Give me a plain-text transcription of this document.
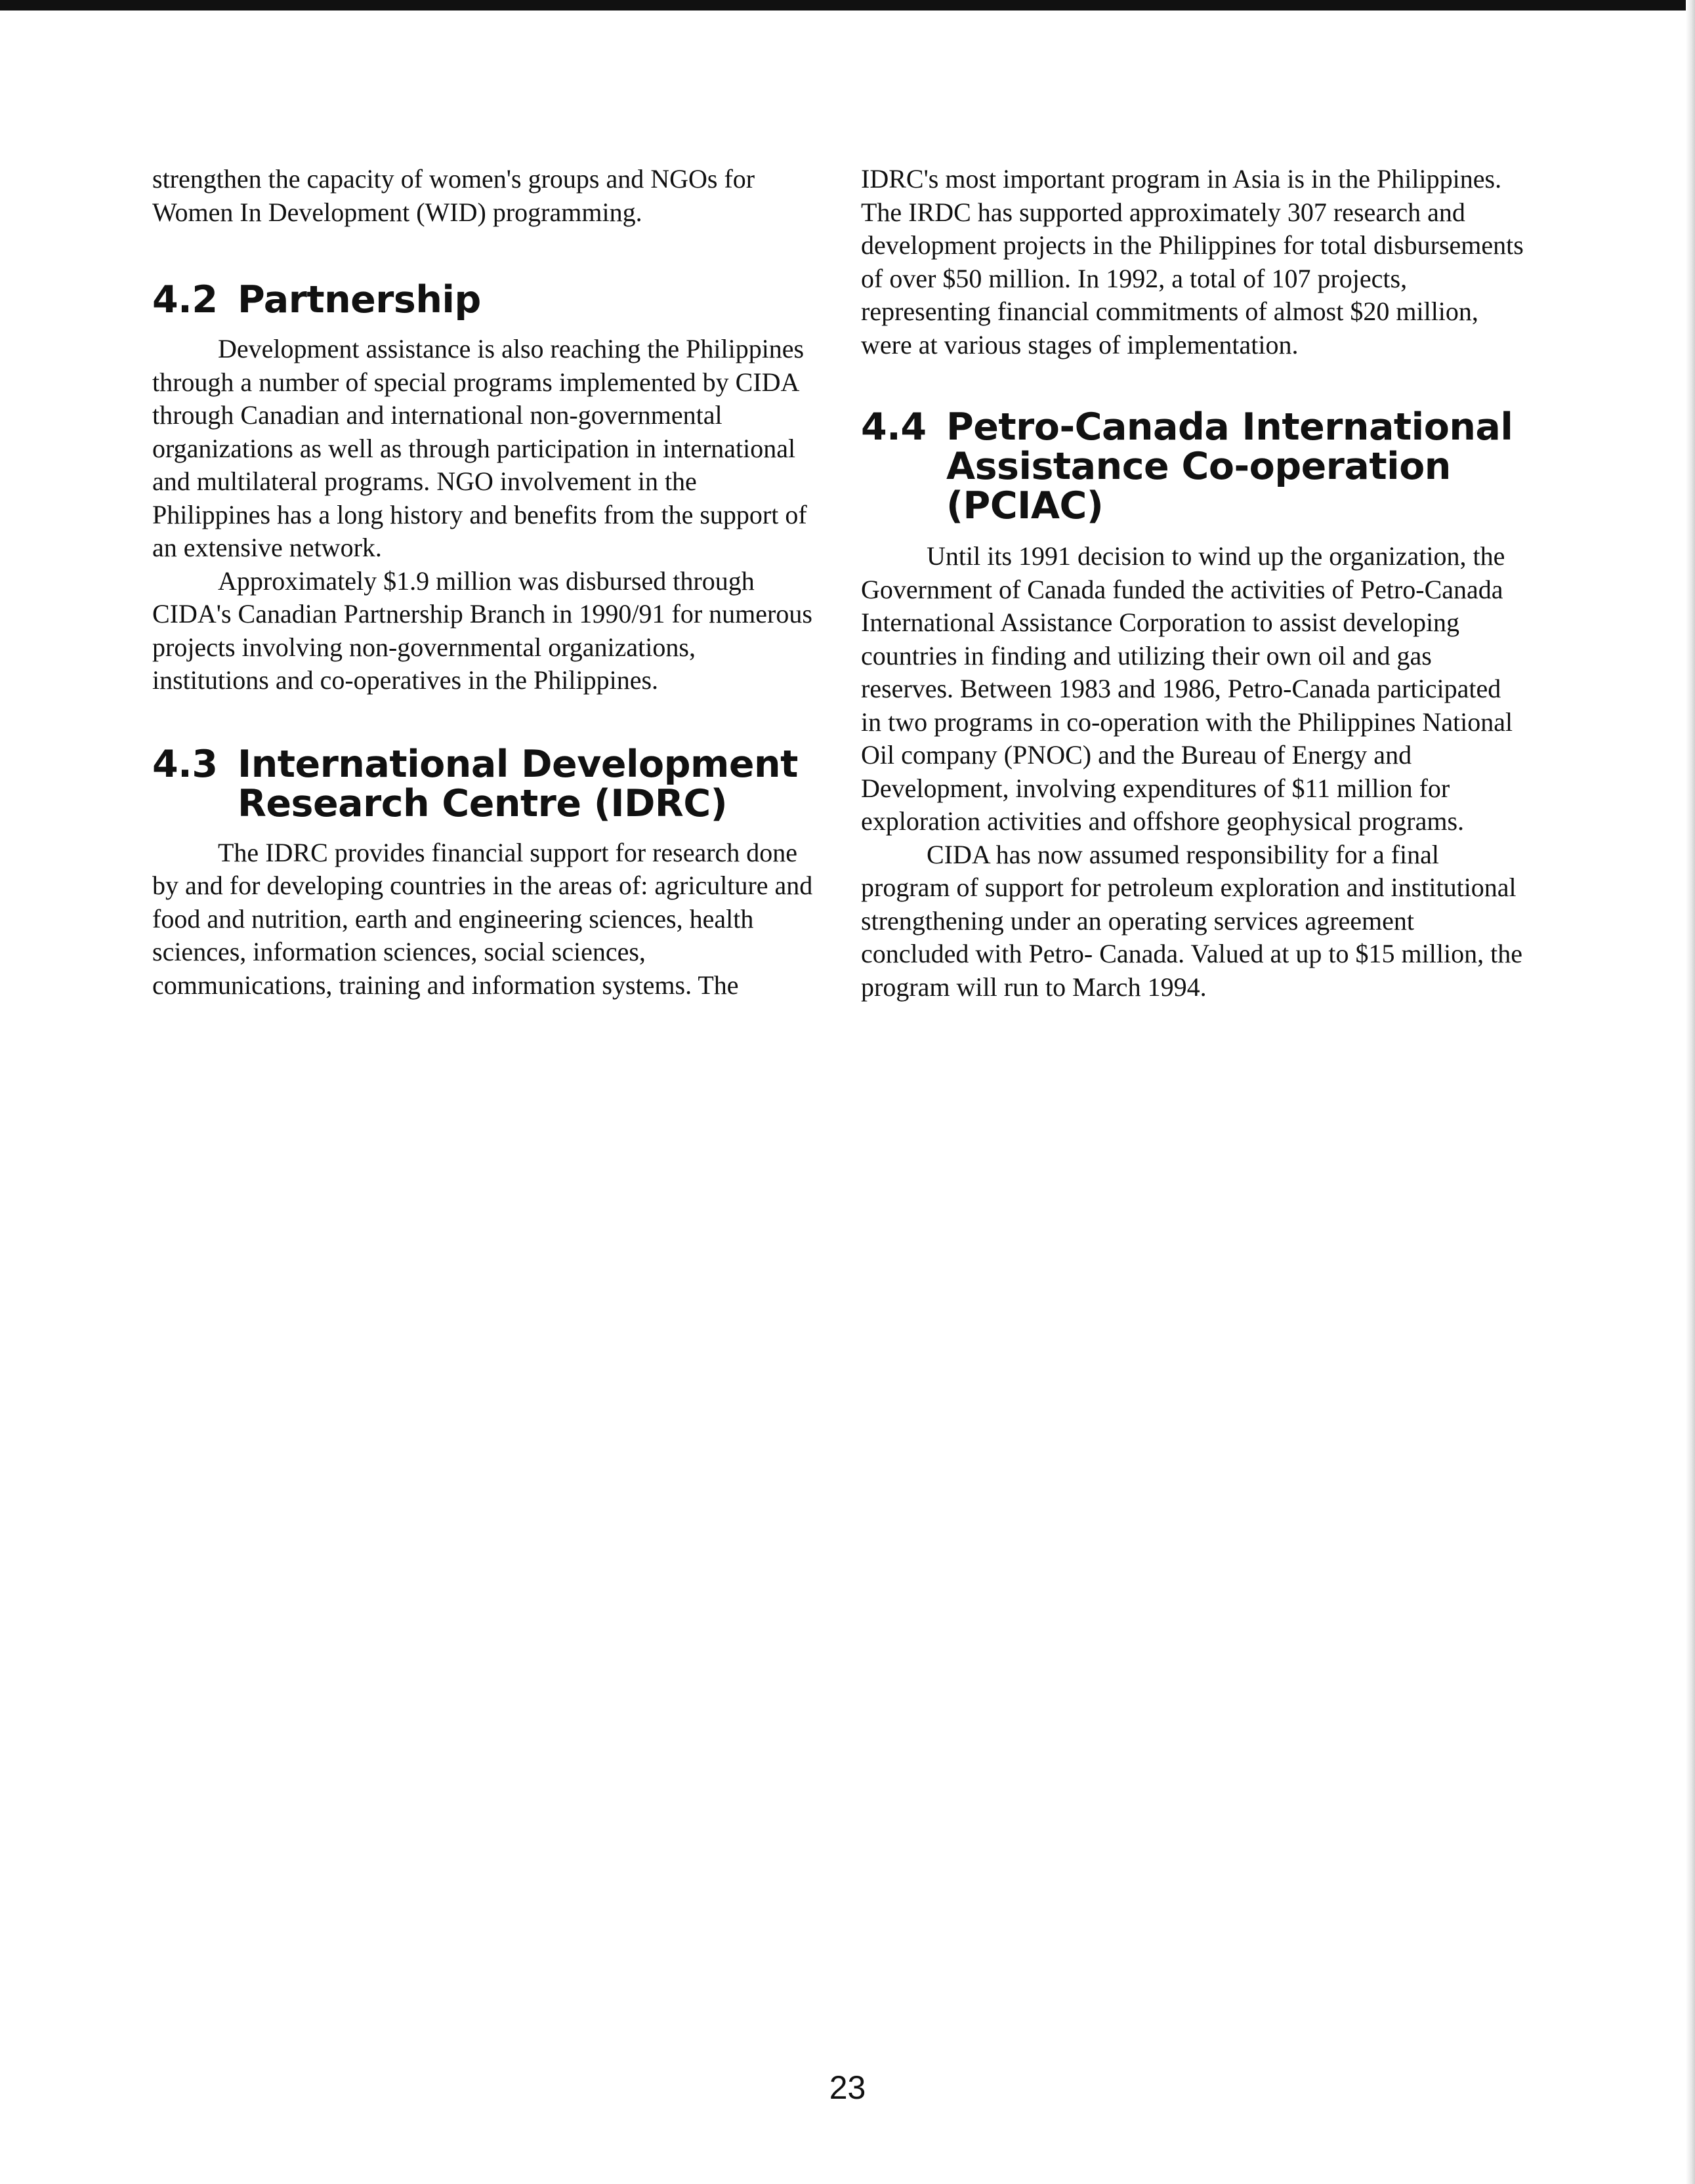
strengthen the capacity of women's groups and NGOs for Women In Development (WID) programming.

4.2 Partnership

Development assistance is also reaching the Philippines through a number of special programs implemented by CIDA through Canadian and international non-governmental organizations as well as through participation in international and multilateral programs. NGO involvement in the Philippines has a long history and benefits from the support of an extensive network.

Approximately $1.9 million was disbursed through CIDA's Canadian Partnership Branch in 1990/91 for numerous projects involving non-governmental organizations, institutions and co-operatives in the Philippines.

4.3 International Development Research Centre (IDRC)

The IDRC provides financial support for research done by and for developing countries in the areas of: agriculture and food and nutrition, earth and engineering sciences, health sciences, information sciences, social sciences, communications, training and information systems. The

IDRC's most important program in Asia is in the Philippines. The IRDC has supported approximately 307 research and development projects in the Philippines for total disbursements of over $50 million. In 1992, a total of 107 projects, representing financial commitments of almost $20 million, were at various stages of implementation.

4.4 Petro-Canada International Assistance Co-operation (PCIAC)

Until its 1991 decision to wind up the organization, the Government of Canada funded the activities of Petro-Canada International Assistance Corporation to assist developing countries in finding and utilizing their own oil and gas reserves. Between 1983 and 1986, Petro-Canada participated in two programs in co-operation with the Philippines National Oil company (PNOC) and the Bureau of Energy and Development, involving expenditures of $11 million for exploration activities and offshore geophysical programs.

CIDA has now assumed responsibility for a final program of support for petroleum exploration and institutional strengthening under an operating services agreement concluded with Petro- Canada. Valued at up to $15 million, the program will run to March 1994.

23
